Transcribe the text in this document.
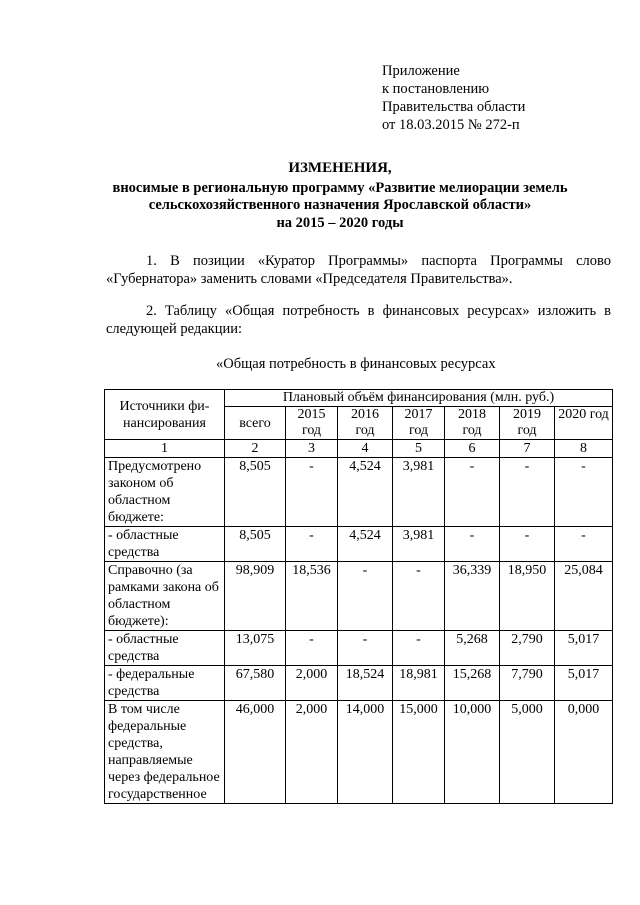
Приложение
к постановлению
Правительства области
от 18.03.2015 № 272-п
ИЗМЕНЕНИЯ,
вносимые в региональную программу «Развитие мелиорации земель
сельскохозяйственного назначения Ярославской области»
на 2015 – 2020 годы
1. В позиции «Куратор Программы» паспорта Программы слово «Губернатора» заменить словами «Председателя Правительства».
2. Таблицу «Общая потребность в финансовых ресурсах» изложить в следующей редакции:
«Общая потребность в финансовых ресурсах
Источники фи-нансирования	Плановый объём финансирования (млн. руб.)						
	всего	2015 год	2016 год	2017 год	2018 год	2019 год	2020 год
1	2	3	4	5	6	7	8
Предусмотрено законом об областном бюджете:	8,505	-	4,524	3,981	-	-	-
- областные средства	8,505	-	4,524	3,981	-	-	-
Справочно (за рамками закона об областном бюджете):	98,909	18,536	-	-	36,339	18,950	25,084
- областные средства	13,075	-	-	-	5,268	2,790	5,017
- федеральные средства	67,580	2,000	18,524	18,981	15,268	7,790	5,017
В том числе федеральные средства, направляемые через федеральное государственное	46,000	2,000	14,000	15,000	10,000	5,000	0,000
